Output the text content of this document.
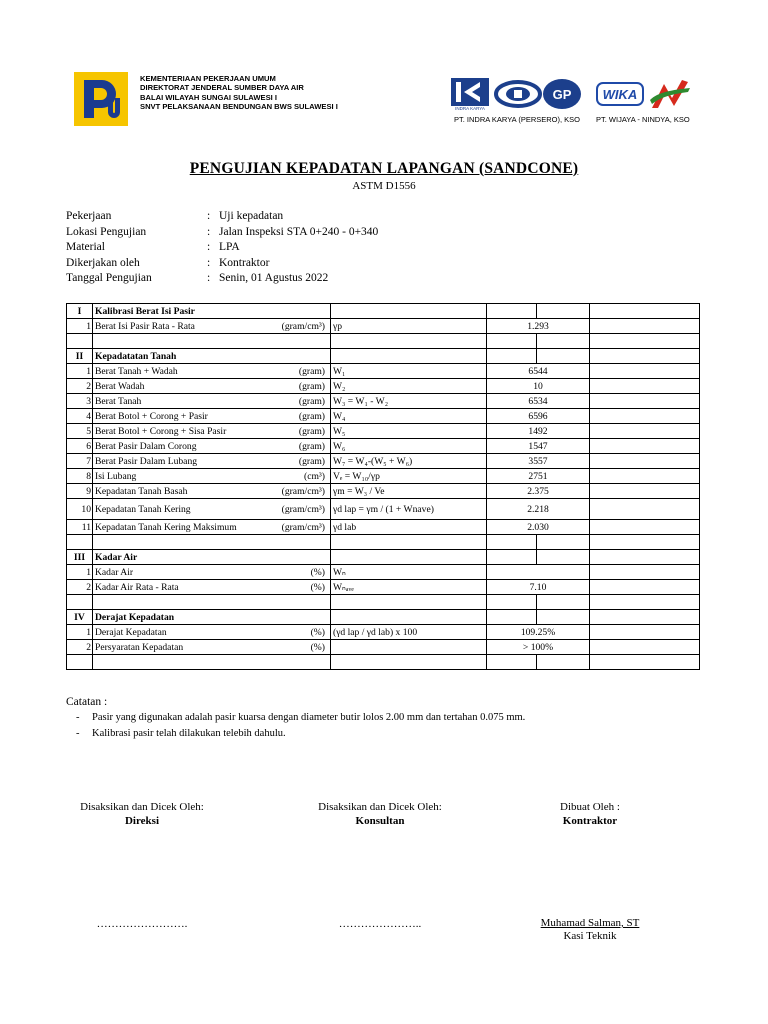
KEMENTERIAAN PEKERJAAN UMUM
DIREKTORAT JENDERAL SUMBER DAYA AIR
BALAI WILAYAH SUNGAI SULAWESI I
SNVT PELAKSANAAN BENDUNGAN BWS SULAWESI I	INDRA KARYA
GP
PT. INDRA KARYA (PERSERO), KSO
WIKA
PT. WIJAYA - NINDYA, KSO
PENGUJIAN KEPADATAN LAPANGAN (SANDCONE)
ASTM D1556
Pekerjaan	: Uji kepadatan
Lokasi Pengujian	: Jalan Inspeksi STA 0+240 - 0+340
Material	: LPA
Dikerjakan oleh	: Kontraktor
Tanggal Pengujian	: Senin, 01 Agustus 2022
I	Kalibrasi Berat Isi Pasir				
1	Berat Isi Pasir Rata - Rata (gram/cm³)	γp	1.293		

II	Kepadatatan Tanah				
1	Berat Tanah + Wadah (gram)	W₁	6544		
2	Berat Wadah (gram)	W₂	10		
3	Berat Tanah (gram)	W₃ = W₁ - W₂	6534		
4	Berat Botol + Corong + Pasir (gram)	W₄	6596		
5	Berat Botol + Corong + Sisa Pasir (gram)	W₅	1492		
6	Berat Pasir Dalam Corong (gram)	W₆	1547		
7	Berat Pasir Dalam Lubang (gram)	W₇ = W₄-(W₅ + W₆)	3557		
8	Isi Lubang (cm³)	Vₑ = W₁₀/γp	2751		
9	Kepadatan Tanah Basah (gram/cm³)	γm = W₃ / Ve	2.375		
10	Kepadatan Tanah Kering (gram/cm³)	γd lap = γm / (1 + Wnave)	2.218		
11	Kepadatan Tanah Kering Maksimum (gram/cm³)	γd lab	2.030		

III	Kadar Air				
1	Kadar Air (%)	Wₙ			
2	Kadar Air Rata - Rata (%)	Wₙₐᵥₑ	7.10		

IV	Derajat Kepadatan				
1	Derajat Kepadatan (%)	(γd lap / γd lab) x 100	109.25%		
2	Persyaratan Kepadatan (%)		> 100%		

Catatan :
- Pasir yang digunakan adalah pasir kuarsa dengan diameter butir lolos 2.00 mm dan tertahan 0.075 mm.
- Kalibrasi pasir telah dilakukan telebih dahulu.
Disaksikan dan Dicek Oleh:
Direksi
…………………….
Disaksikan dan Dicek Oleh:
Konsultan
…………………..
Dibuat Oleh :
Kontraktor
Muhamad Salman, ST
Kasi Teknik
